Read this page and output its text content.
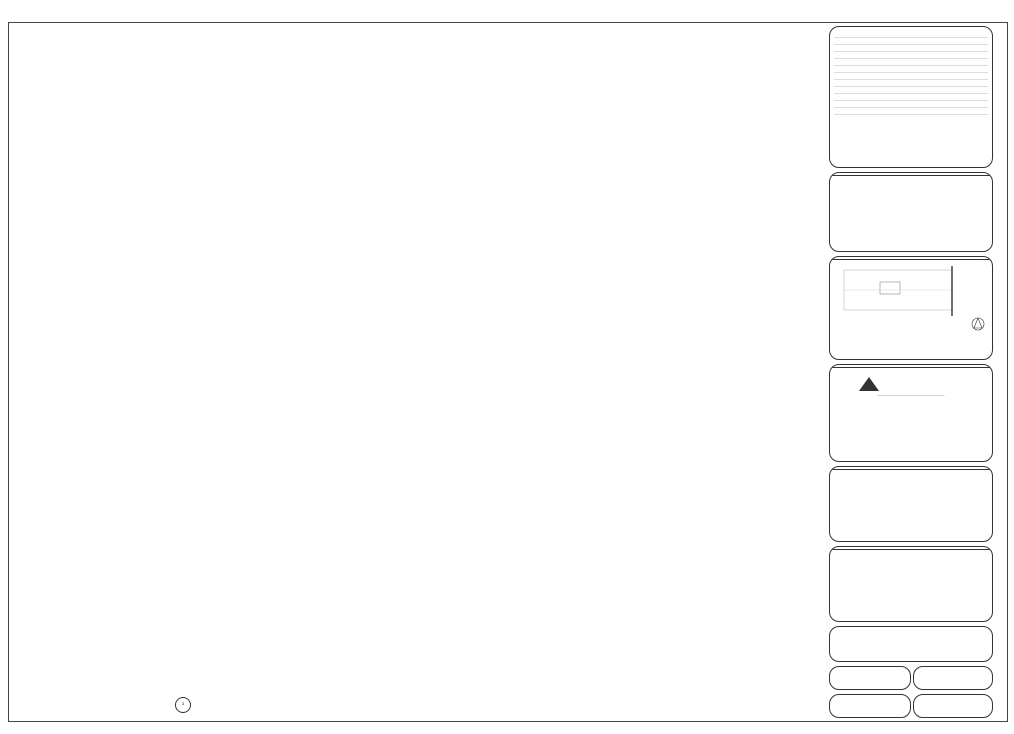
3
————————————————————————————————
